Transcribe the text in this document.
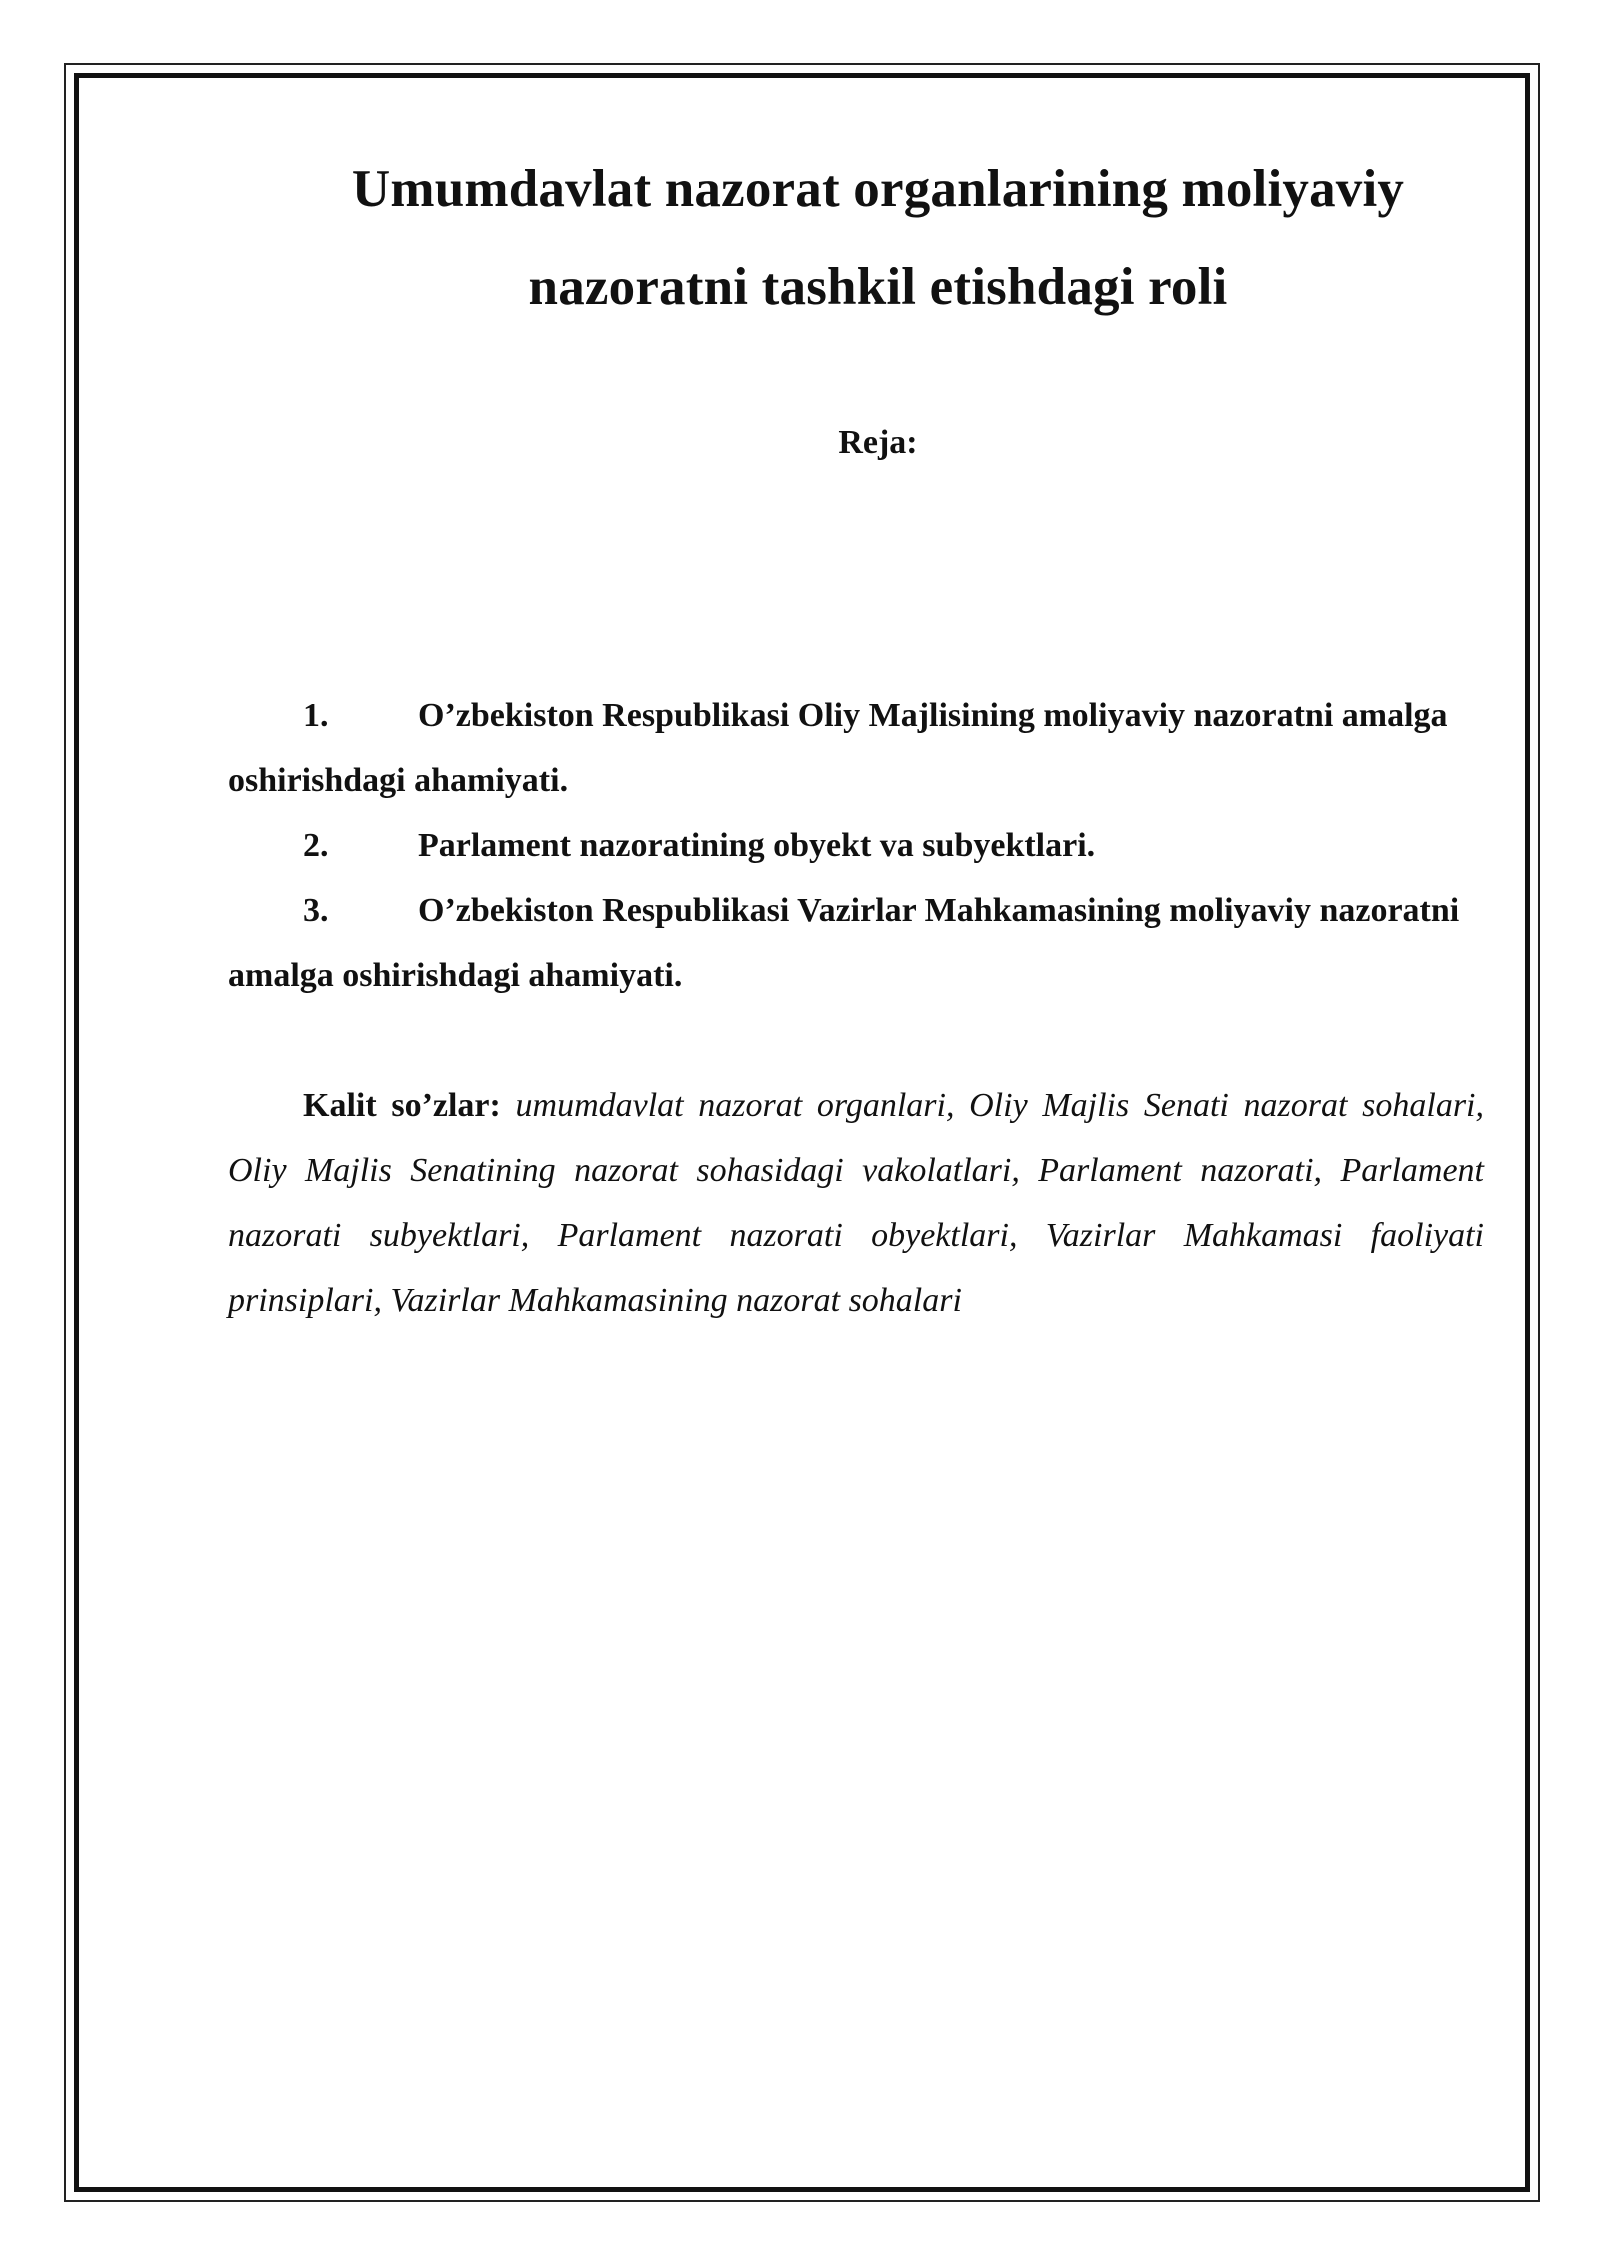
Umumdavlat nazorat organlarining moliyaviy
nazoratni tashkil etishdagi roli

Reja:

1.	O’zbekiston Respublikasi Oliy Majlisining moliyaviy nazoratni amalga oshirishdagi ahamiyati.
2.	Parlament nazoratining obyekt va subyektlari.
3.	O’zbekiston Respublikasi Vazirlar Mahkamasining moliyaviy nazoratni amalga oshirishdagi ahamiyati.

Kalit so’zlar: umumdavlat nazorat organlari, Oliy Majlis Senati nazorat sohalari, Oliy Majlis Senatining nazorat sohasidagi vakolatlari, Parlament nazorati, Parlament nazorati subyektlari, Parlament nazorati obyektlari, Vazirlar Mahkamasi faoliyati prinsiplari, Vazirlar Mahkamasining nazorat sohalari
